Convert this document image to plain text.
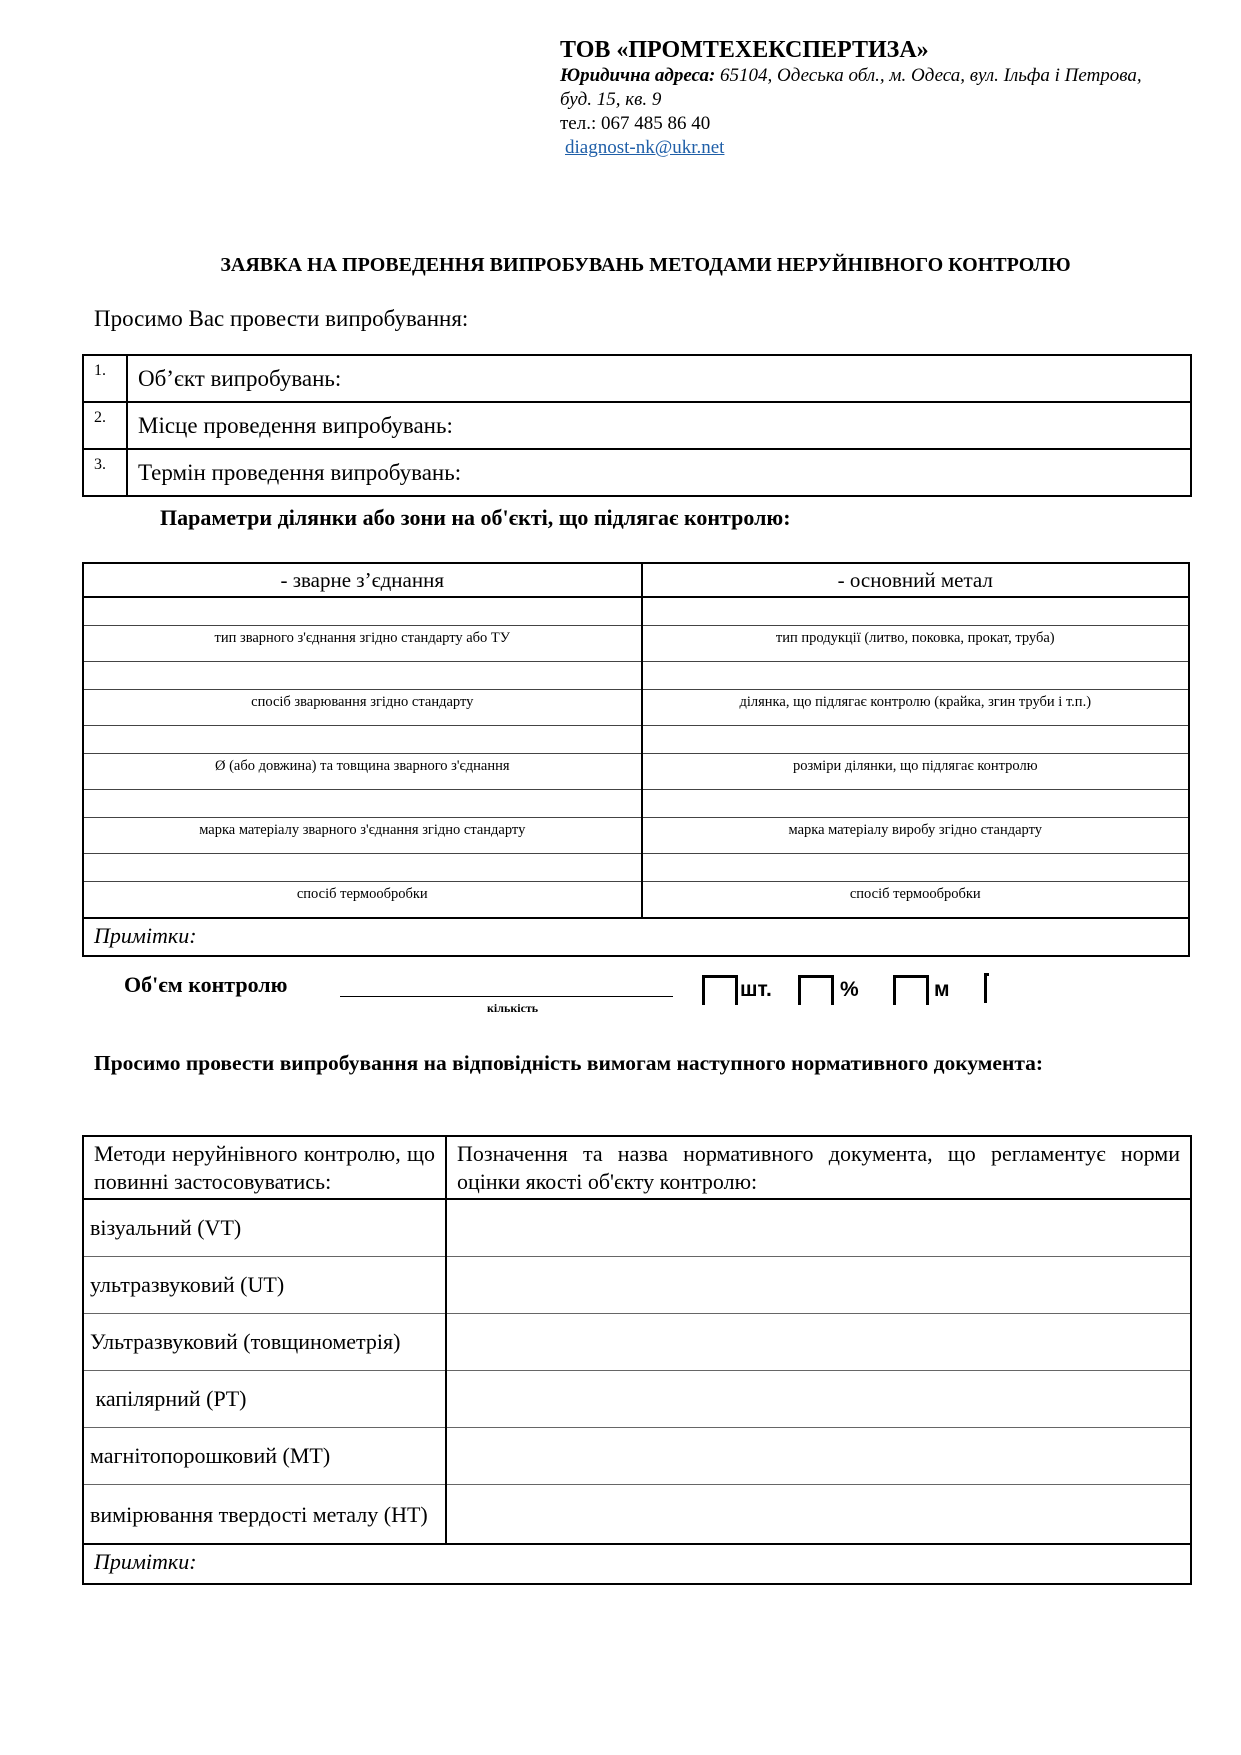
ТОВ «ПРОМТЕХЕКСПЕРТИЗА»
Юридична адреса: 65104, Одеська обл., м. Одеса, вул. Ільфа і Петрова,
буд. 15, кв. 9
тел.: 067 485 86 40
diagnost-nk@ukr.net
ЗАЯВКА НА ПРОВЕДЕННЯ ВИПРОБУВАНЬ МЕТОДАМИ НЕРУЙНІВНОГО КОНТРОЛЮ
Просимо Вас провести випробування:
1.	Об’єкт випробувань:
2.	Місце проведення випробувань:
3.	Термін проведення випробувань:
Параметри ділянки або зони на об'єкті, що підлягає контролю:
- зварне з’єднання	- основний метал

тип зварного з'єднання згідно стандарту або ТУ	тип продукції (литво, поковка, прокат, труба)

спосіб зварювання згідно стандарту	ділянка, що підлягає контролю (крайка, згин труби і т.п.)

Ø (або довжина) та товщина зварного з'єднання	розміри ділянки, що підлягає контролю

марка матеріалу зварного з'єднання згідно стандарту	марка матеріалу виробу згідно стандарту

спосіб термообробки	спосіб термообробки
Примітки:	
Об'єм контролю
кількість
шт.	%	м
Просимо провести випробування на відповідність вимогам наступного нормативного документа:
Методи неруйнівного контролю, що повинні застосовуватись:	Позначення та назва нормативного документа, що регламентує норми оцінки якості об'єкту контролю:
візуальний (VT)	
ультразвуковий (UT)	
Ультразвуковий (товщинометрія)	
капілярний (PT)	
магнітопорошковий (MT)	
вимірювання твердості металу (HT)	
Примітки:	
